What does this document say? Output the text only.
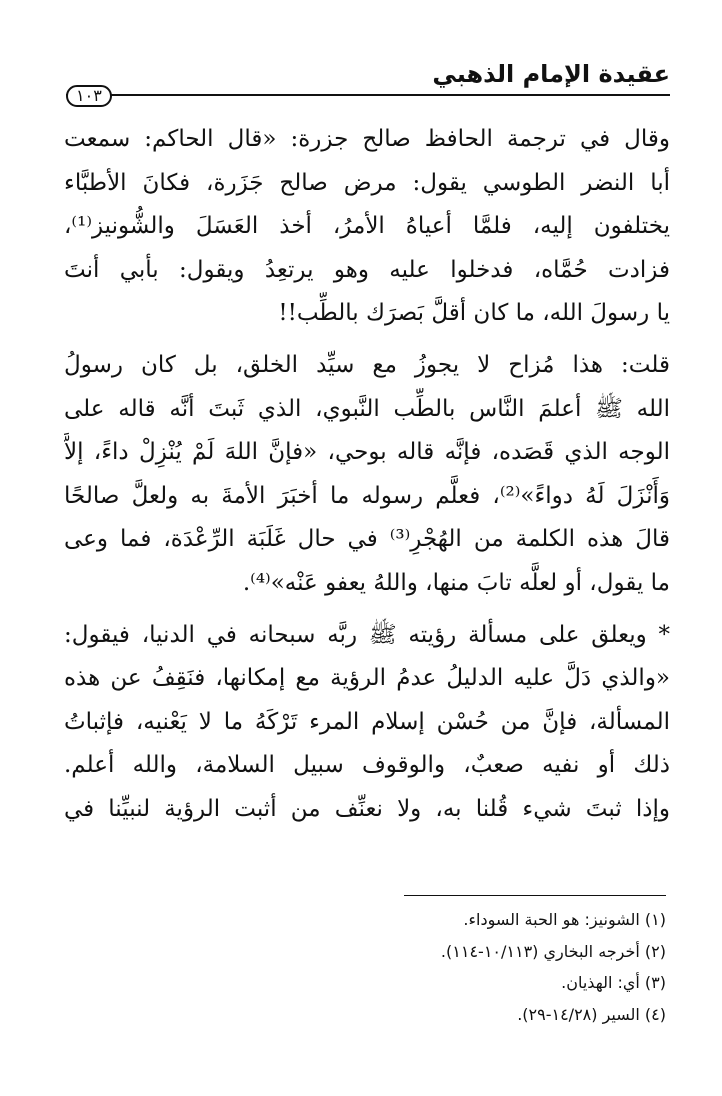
عقيدة الإمام الذهبي
١٠٣

وقال في ترجمة الحافظ صالح جزرة: «قال الحاكم: سمعت
أبا النضر الطوسي يقول: مرض صالح جَزَرة، فكانَ الأطبَّاء
يختلفون إليه، فلمَّا أعياهُ الأمرُ، أخذ العَسَلَ والشُّونيز⁽¹⁾،
فزادت حُمَّاه، فدخلوا عليه وهو يرتعِدُ ويقول: بأبي أنتَ
يا رسولَ الله، ما كان أقلَّ بَصرَك بالطِّب!!

قلت: هذا مُزاح لا يجوزُ مع سيِّد الخلق، بل كان رسولُ
الله ﷺ أعلمَ النَّاس بالطِّب النَّبوي، الذي ثَبتَ أنَّه قاله على
الوجه الذي قَصَده، فإنَّه قاله بوحي، «فإنَّ اللهَ لَمْ يُنْزِلْ داءً، إلاَّ
وَأَنْزَلَ لَهُ دواءً»⁽²⁾، فعلَّم رسوله ما أخبَرَ الأمةَ به ولعلَّ صالحًا
قالَ هذه الكلمة من الهُجْرِ⁽³⁾ في حال غَلَبَة الرِّعْدَة، فما وعى
ما يقول، أو لعلَّه تابَ منها، واللهُ يعفو عَنْه»⁽⁴⁾.

* ويعلق على مسألة رؤيته ﷺ ربَّه سبحانه في الدنيا، فيقول:
«والذي دَلَّ عليه الدليلُ عدمُ الرؤية مع إمكانها، فنَقِفُ عن هذه
المسألة، فإنَّ من حُسْن إسلام المرء تَرْكَهُ ما لا يَعْنيه، فإثباتُ
ذلك أو نفيه صعبٌ، والوقوف سبيل السلامة، والله أعلم.
وإذا ثبتَ شيء قُلنا به، ولا نعنِّف من أثبت الرؤية لنبيِّنا في

(١) الشونيز: هو الحبة السوداء.
(٢) أخرجه البخاري (١٠/١١٣-١١٤).
(٣) أي: الهذيان.
(٤) السير (١٤/٢٨-٢٩).
